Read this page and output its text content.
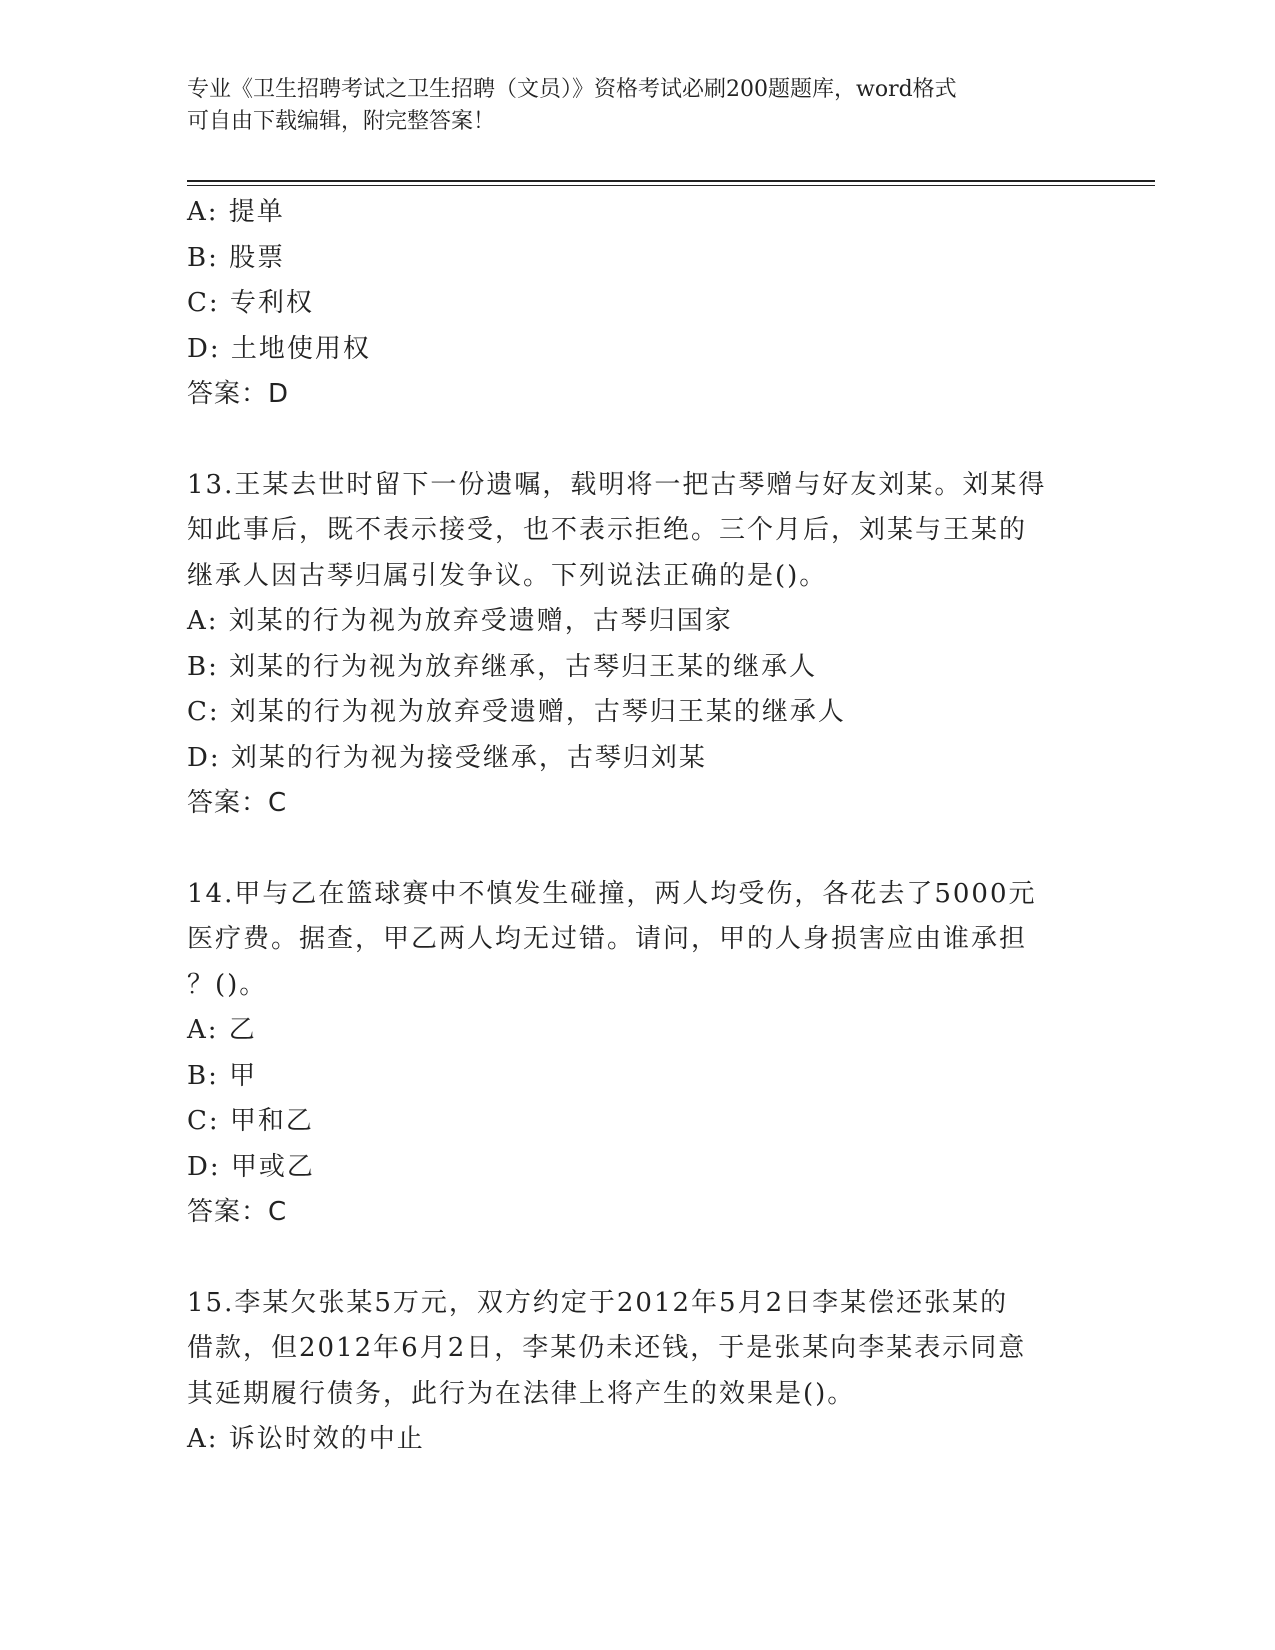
专业《卫生招聘考试之卫生招聘（文员）》资格考试必刷200题题库，word格式
可自由下载编辑，附完整答案！
A: 提单
B: 股票
C: 专利权
D: 土地使用权
答案：D
13.王某去世时留下一份遗嘱，载明将一把古琴赠与好友刘某。刘某得
知此事后，既不表示接受，也不表示拒绝。三个月后，刘某与王某的
继承人因古琴归属引发争议。下列说法正确的是()。
A: 刘某的行为视为放弃受遗赠，古琴归国家
B: 刘某的行为视为放弃继承，古琴归王某的继承人
C: 刘某的行为视为放弃受遗赠，古琴归王某的继承人
D: 刘某的行为视为接受继承，古琴归刘某
答案：C
14.甲与乙在篮球赛中不慎发生碰撞，两人均受伤，各花去了5000元
医疗费。据查，甲乙两人均无过错。请问，甲的人身损害应由谁承担
？()。
A: 乙
B: 甲
C: 甲和乙
D: 甲或乙
答案：C
15.李某欠张某5万元，双方约定于2012年5月2日李某偿还张某的
借款，但2012年6月2日，李某仍未还钱，于是张某向李某表示同意
其延期履行债务，此行为在法律上将产生的效果是()。
A: 诉讼时效的中止
